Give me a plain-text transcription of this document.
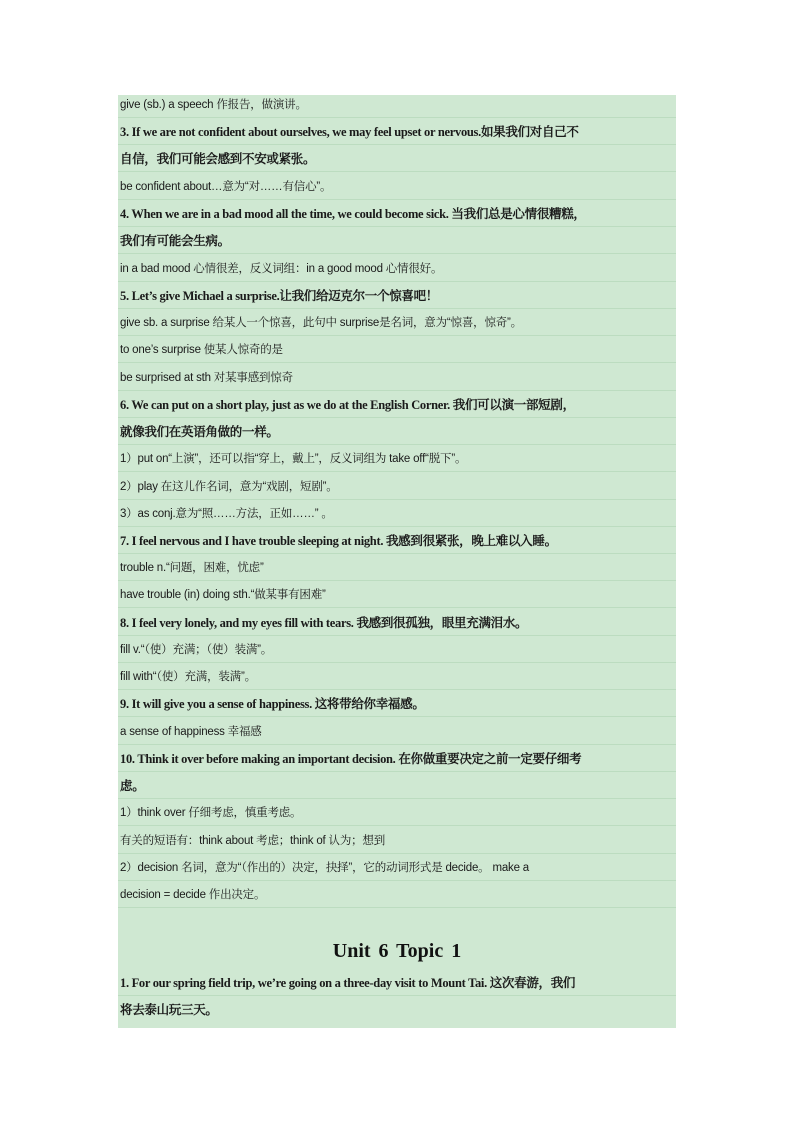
give (sb.) a speech 作报告，做演讲。
3. If we are not confident about ourselves, we may feel upset or nervous.如果我们对自己不
自信，我们可能会感到不安或紧张。
be confident about…意为“对……有信心”。
4. When we are in a bad mood all the time, we could become sick. 当我们总是心情很糟糕，
我们有可能会生病。
in a bad mood 心情很差，反义词组：in a good mood 心情很好。
5. Let’s give Michael a surprise.让我们给迈克尔一个惊喜吧！
give sb. a surprise 给某人一个惊喜，此句中 surprise是名词，意为“惊喜，惊奇”。
to one’s surprise 使某人惊奇的是
be surprised at sth 对某事感到惊奇
6. We can put on a short play, just as we do at the English Corner. 我们可以演一部短剧，
就像我们在英语角做的一样。
1）put on“上演”，还可以指“穿上，戴上”，反义词组为 take off“脱下”。
2）play 在这儿作名词，意为“戏剧，短剧”。
3）as conj.意为“照……方法，正如……” 。
7. I feel nervous and I have trouble sleeping at night. 我感到很紧张，晚上难以入睡。
trouble n.“问题，困难，忧虑”
have trouble (in) doing sth.“做某事有困难”
8. I feel very lonely, and my eyes fill with tears. 我感到很孤独，眼里充满泪水。
fill v.“（使）充满；（使）装满”。
fill with“（使）充满，装满”。
9. It will give you a sense of happiness. 这将带给你幸福感。
a sense of happiness 幸福感
10. Think it over before making an important decision. 在你做重要决定之前一定要仔细考
虑。
1）think over 仔细考虑，慎重考虑。
有关的短语有：think about 考虑；think of 认为；想到
2）decision 名词，意为“（作出的）决定，抉择”，它的动词形式是 decide。 make a
decision = decide 作出决定。
Unit 6 Topic 1
1. For our spring field trip, we’re going on a three-day visit to Mount Tai. 这次春游，我们
将去泰山玩三天。
